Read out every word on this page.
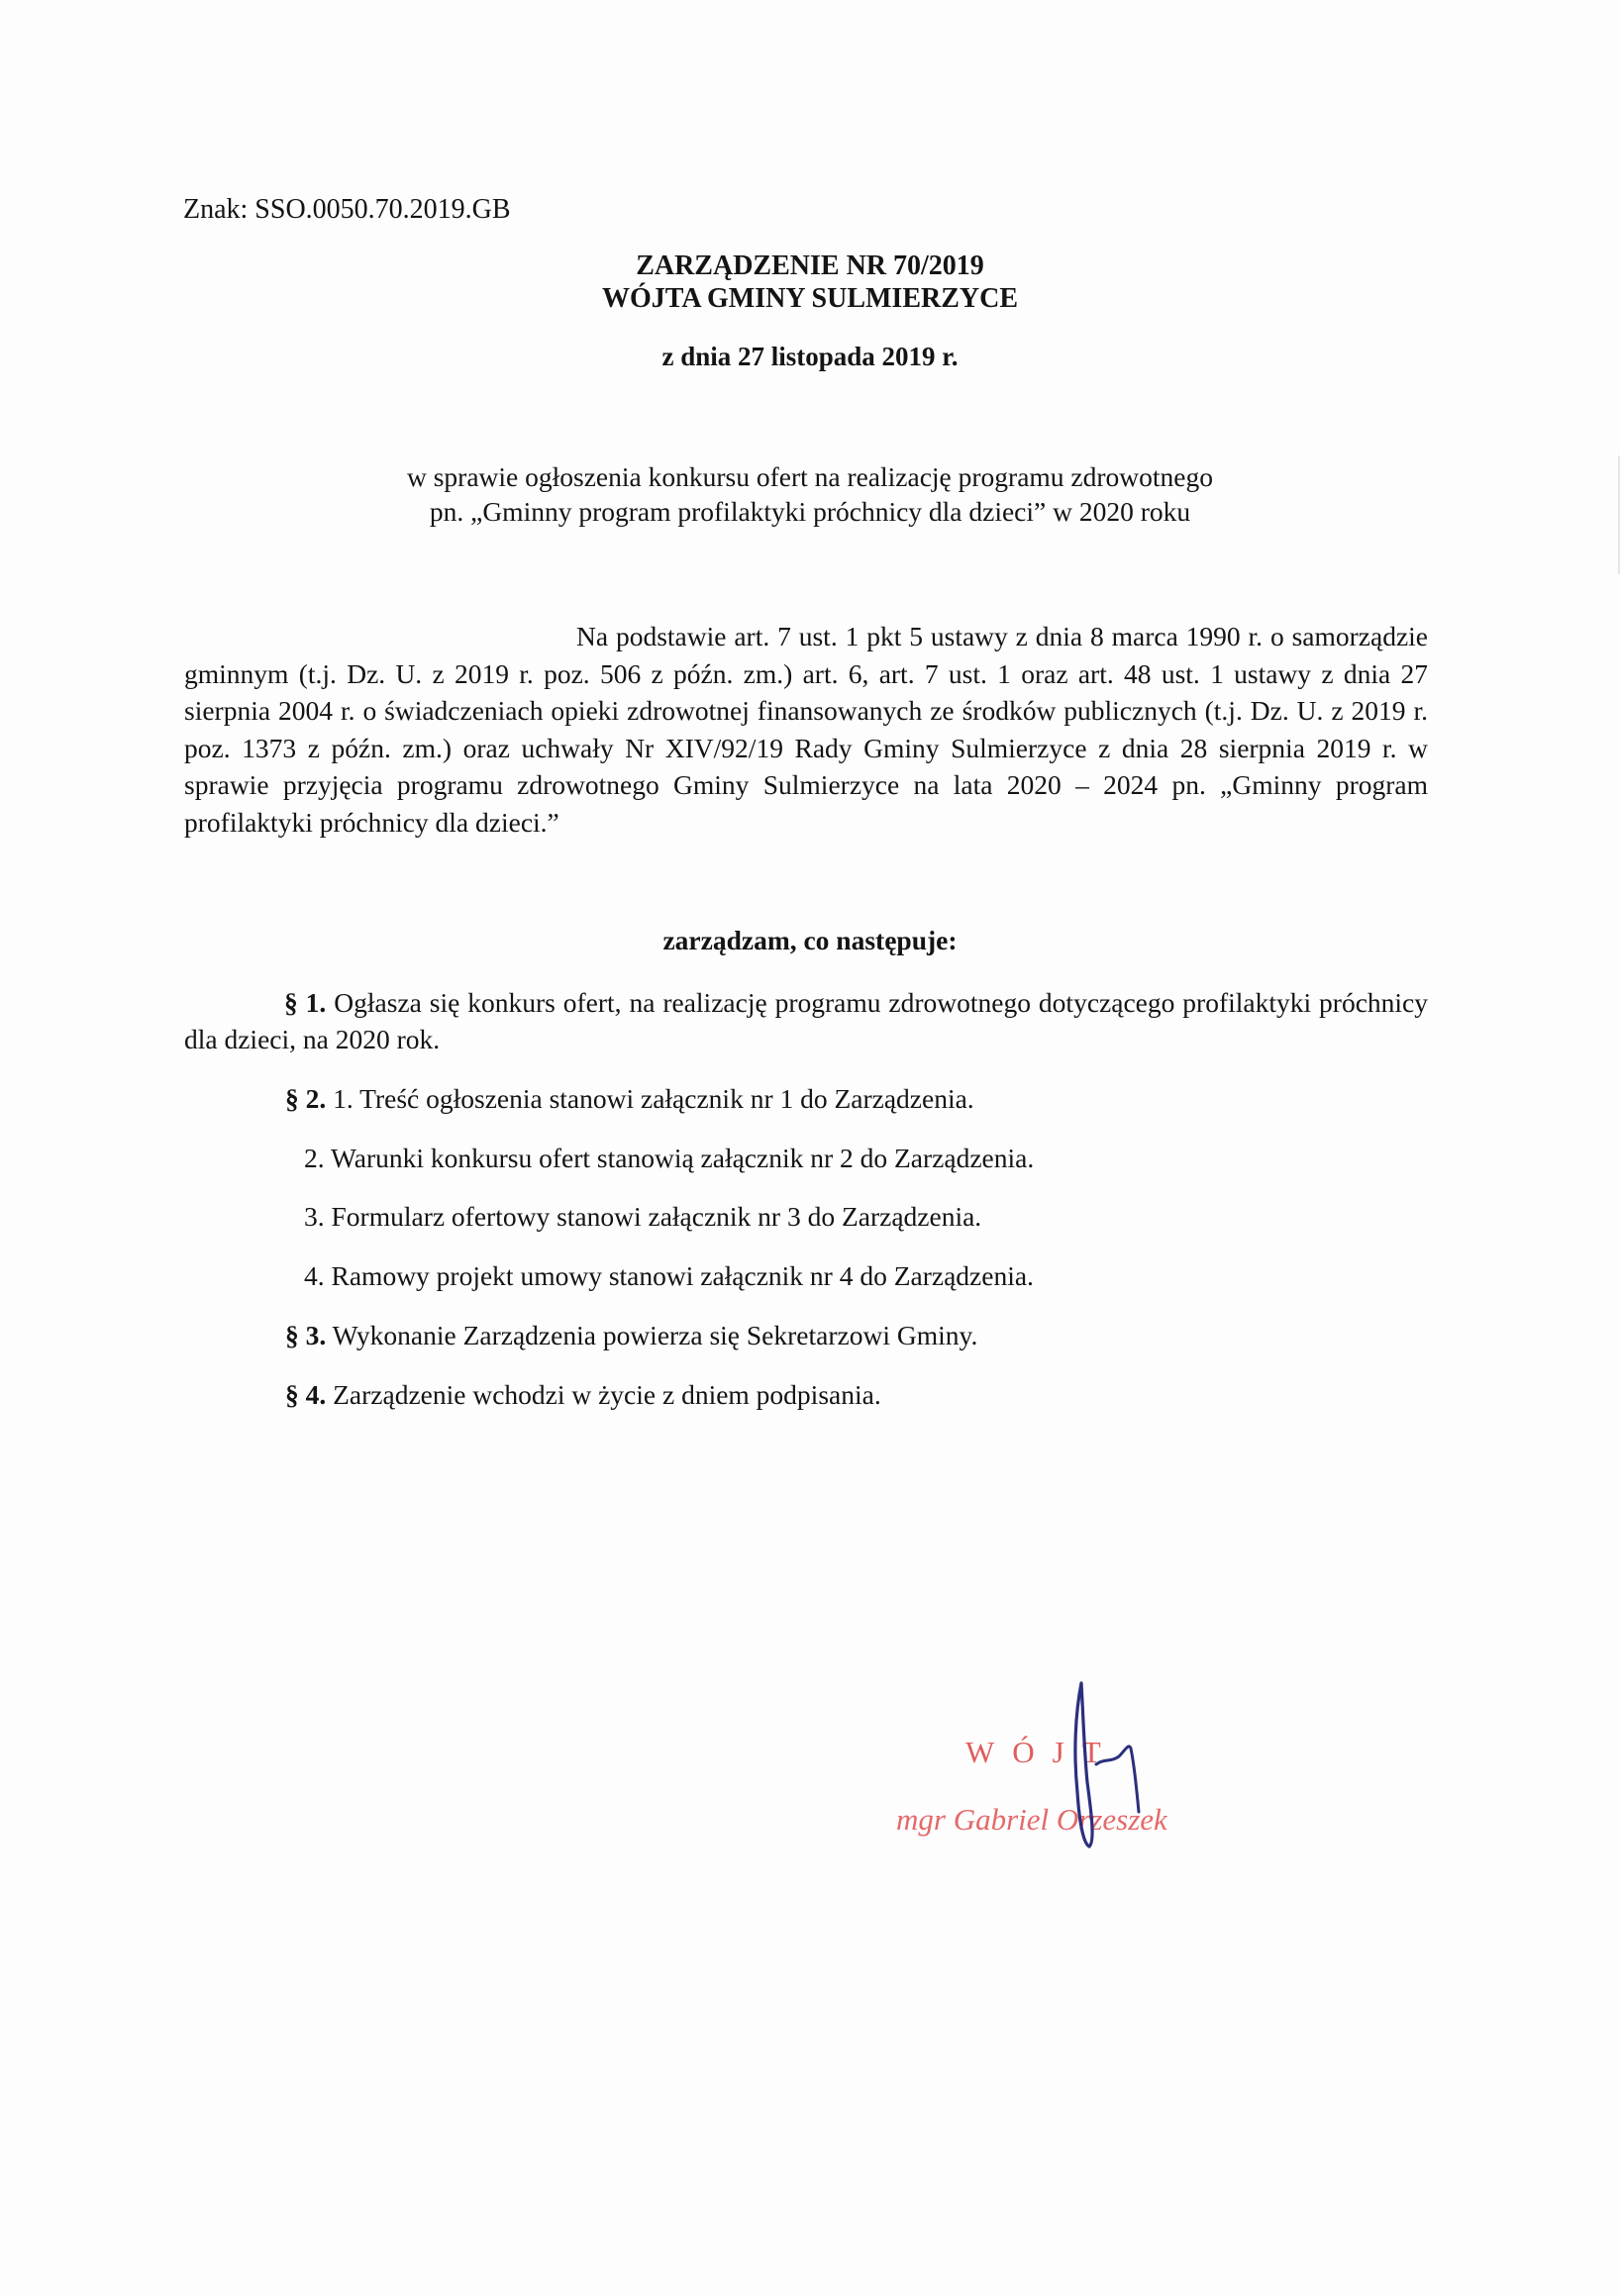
Znak: SSO.0050.70.2019.GB
ZARZĄDZENIE NR 70/2019
WÓJTA GMINY SULMIERZYCE
z dnia 27 listopada 2019 r.
w sprawie ogłoszenia konkursu ofert na realizację programu zdrowotnego
pn. „Gminny program profilaktyki próchnicy dla dzieci” w 2020 roku
Na podstawie art. 7 ust. 1 pkt 5 ustawy z dnia 8 marca 1990 r. o samorządzie gminnym (t.j. Dz. U. z 2019 r. poz. 506 z późn. zm.) art. 6, art. 7 ust. 1 oraz art. 48 ust. 1 ustawy z dnia 27 sierpnia 2004 r. o świadczeniach opieki zdrowotnej finansowanych ze środków publicznych (t.j. Dz. U. z 2019 r. poz. 1373 z późn. zm.) oraz uchwały Nr XIV/92/19 Rady Gminy Sulmierzyce z dnia 28 sierpnia 2019 r. w sprawie przyjęcia programu zdrowotnego Gminy Sulmierzyce na lata 2020 – 2024 pn. „Gminny program profilaktyki próchnicy dla dzieci.”
zarządzam, co następuje:
§ 1. Ogłasza się konkurs ofert, na realizację programu zdrowotnego dotyczącego profilaktyki próchnicy dla dzieci, na 2020 rok.
§ 2. 1. Treść ogłoszenia stanowi załącznik nr 1 do Zarządzenia.
2. Warunki konkursu ofert stanowią załącznik nr 2 do Zarządzenia.
3. Formularz ofertowy stanowi załącznik nr 3 do Zarządzenia.
4. Ramowy projekt umowy stanowi załącznik nr 4 do Zarządzenia.
§ 3. Wykonanie Zarządzenia powierza się Sekretarzowi Gminy.
§ 4. Zarządzenie wchodzi w życie z dniem podpisania.
WÓJT
mgr Gabriel Orzeszek
